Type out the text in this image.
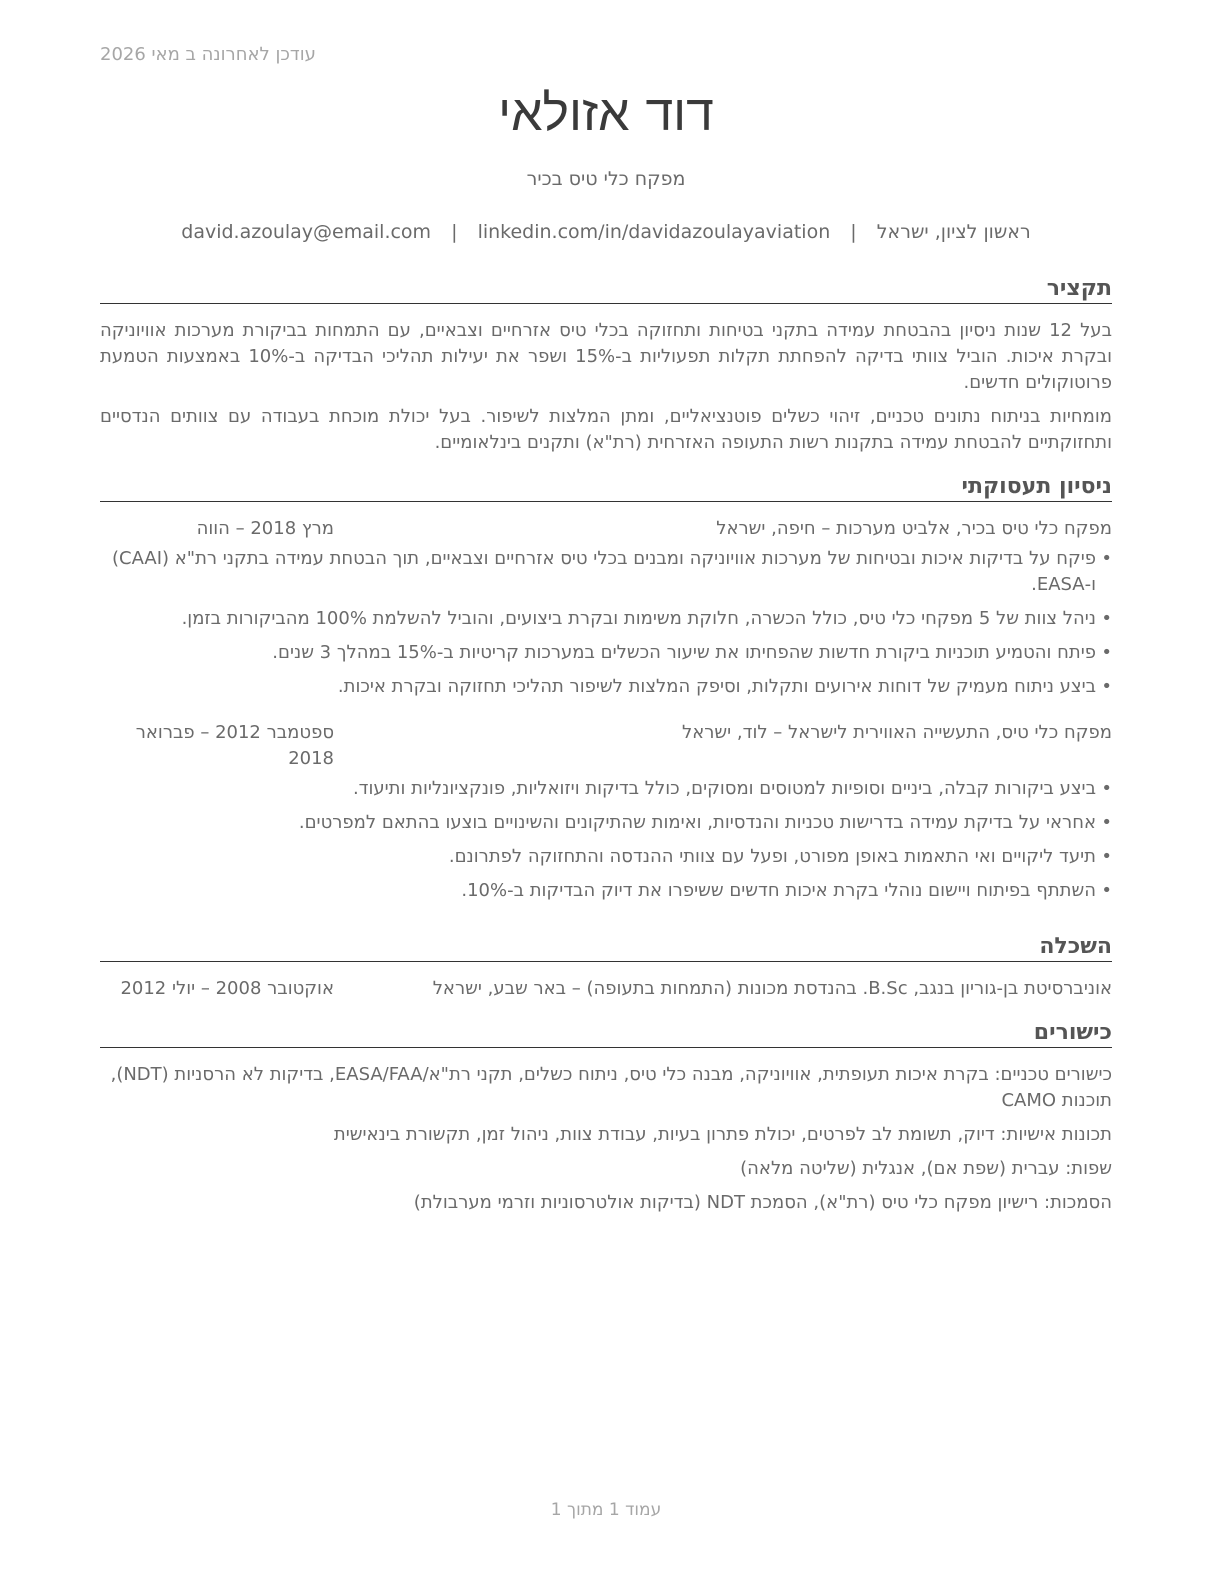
עודכן לאחרונה ב מאי 2026
דוד אזולאי
מפקח כלי טיס בכיר
ראשון לציון, ישראל | david.azoulay@email.com | linkedin.com/in/davidazoulayaviation
תקציר

בעל 12 שנות ניסיון בהבטחת עמידה בתקני בטיחות ותחזוקה בכלי טיס אזרחיים וצבאיים, עם התמחות בביקורת מערכות אוויוניקה ובקרת איכות. הוביל צוותי בדיקה להפחתת תקלות תפעוליות ב-15% ושפר את יעילות תהליכי הבדיקה ב-10% באמצעות הטמעת פרוטוקולים חדשים.

מומחיות בניתוח נתונים טכניים, זיהוי כשלים פוטנציאליים, ומתן המלצות לשיפור. בעל יכולת מוכחת בעבודה עם צוותים הנדסיים ותחזוקתיים להבטחת עמידה בתקנות רשות התעופה האזרחית (רת"א) ותקנים בינלאומיים.

ניסיון תעסוקתי
מפקח כלי טיס בכיר, אלביט מערכות – חיפה, ישראל
מרץ 2018 – הווה
•
פיקח על בדיקות איכות ובטיחות של מערכות אוויוניקה ומבנים בכלי טיס אזרחיים וצבאיים, תוך הבטחת עמידה בתקני רת"א (CAAI) ו-EASA.
•
ניהל צוות של 5 מפקחי כלי טיס, כולל הכשרה, חלוקת משימות ובקרת ביצועים, והוביל להשלמת 100% מהביקורות בזמן.
•
פיתח והטמיע תוכניות ביקורת חדשות שהפחיתו את שיעור הכשלים במערכות קריטיות ב-15% במהלך 3 שנים.
•
ביצע ניתוח מעמיק של דוחות אירועים ותקלות, וסיפק המלצות לשיפור תהליכי תחזוקה ובקרת איכות.
מפקח כלי טיס, התעשייה האווירית לישראל – לוד, ישראל
ספטמבר 2012 – פברואר 2018
•
ביצע ביקורות קבלה, ביניים וסופיות למטוסים ומסוקים, כולל בדיקות ויזואליות, פונקציונליות ותיעוד.
•
אחראי על בדיקת עמידה בדרישות טכניות והנדסיות, ואימות שהתיקונים והשינויים בוצעו בהתאם למפרטים.
•
תיעד ליקויים ואי התאמות באופן מפורט, ופעל עם צוותי ההנדסה והתחזוקה לפתרונם.
•
השתתף בפיתוח ויישום נוהלי בקרת איכות חדשים ששיפרו את דיוק הבדיקות ב-10%.
השכלה
אוניברסיטת בן-גוריון בנגב, B.Sc. בהנדסת מכונות (התמחות בתעופה) – באר שבע, ישראל
אוקטובר 2008 – יולי 2012
כישורים
כישורים טכניים: בקרת איכות תעופתית, אוויוניקה, מבנה כלי טיס, ניתוח כשלים, תקני רת"א/EASA/FAA, בדיקות לא הרסניות (NDT), תוכנות CAMO
תכונות אישיות: דיוק, תשומת לב לפרטים, יכולת פתרון בעיות, עבודת צוות, ניהול זמן, תקשורת בינאישית
שפות: עברית (שפת אם), אנגלית (שליטה מלאה)
הסמכות: רישיון מפקח כלי טיס (רת"א), הסמכת NDT (בדיקות אולטרסוניות וזרמי מערבולת)
עמוד 1 מתוך 1
